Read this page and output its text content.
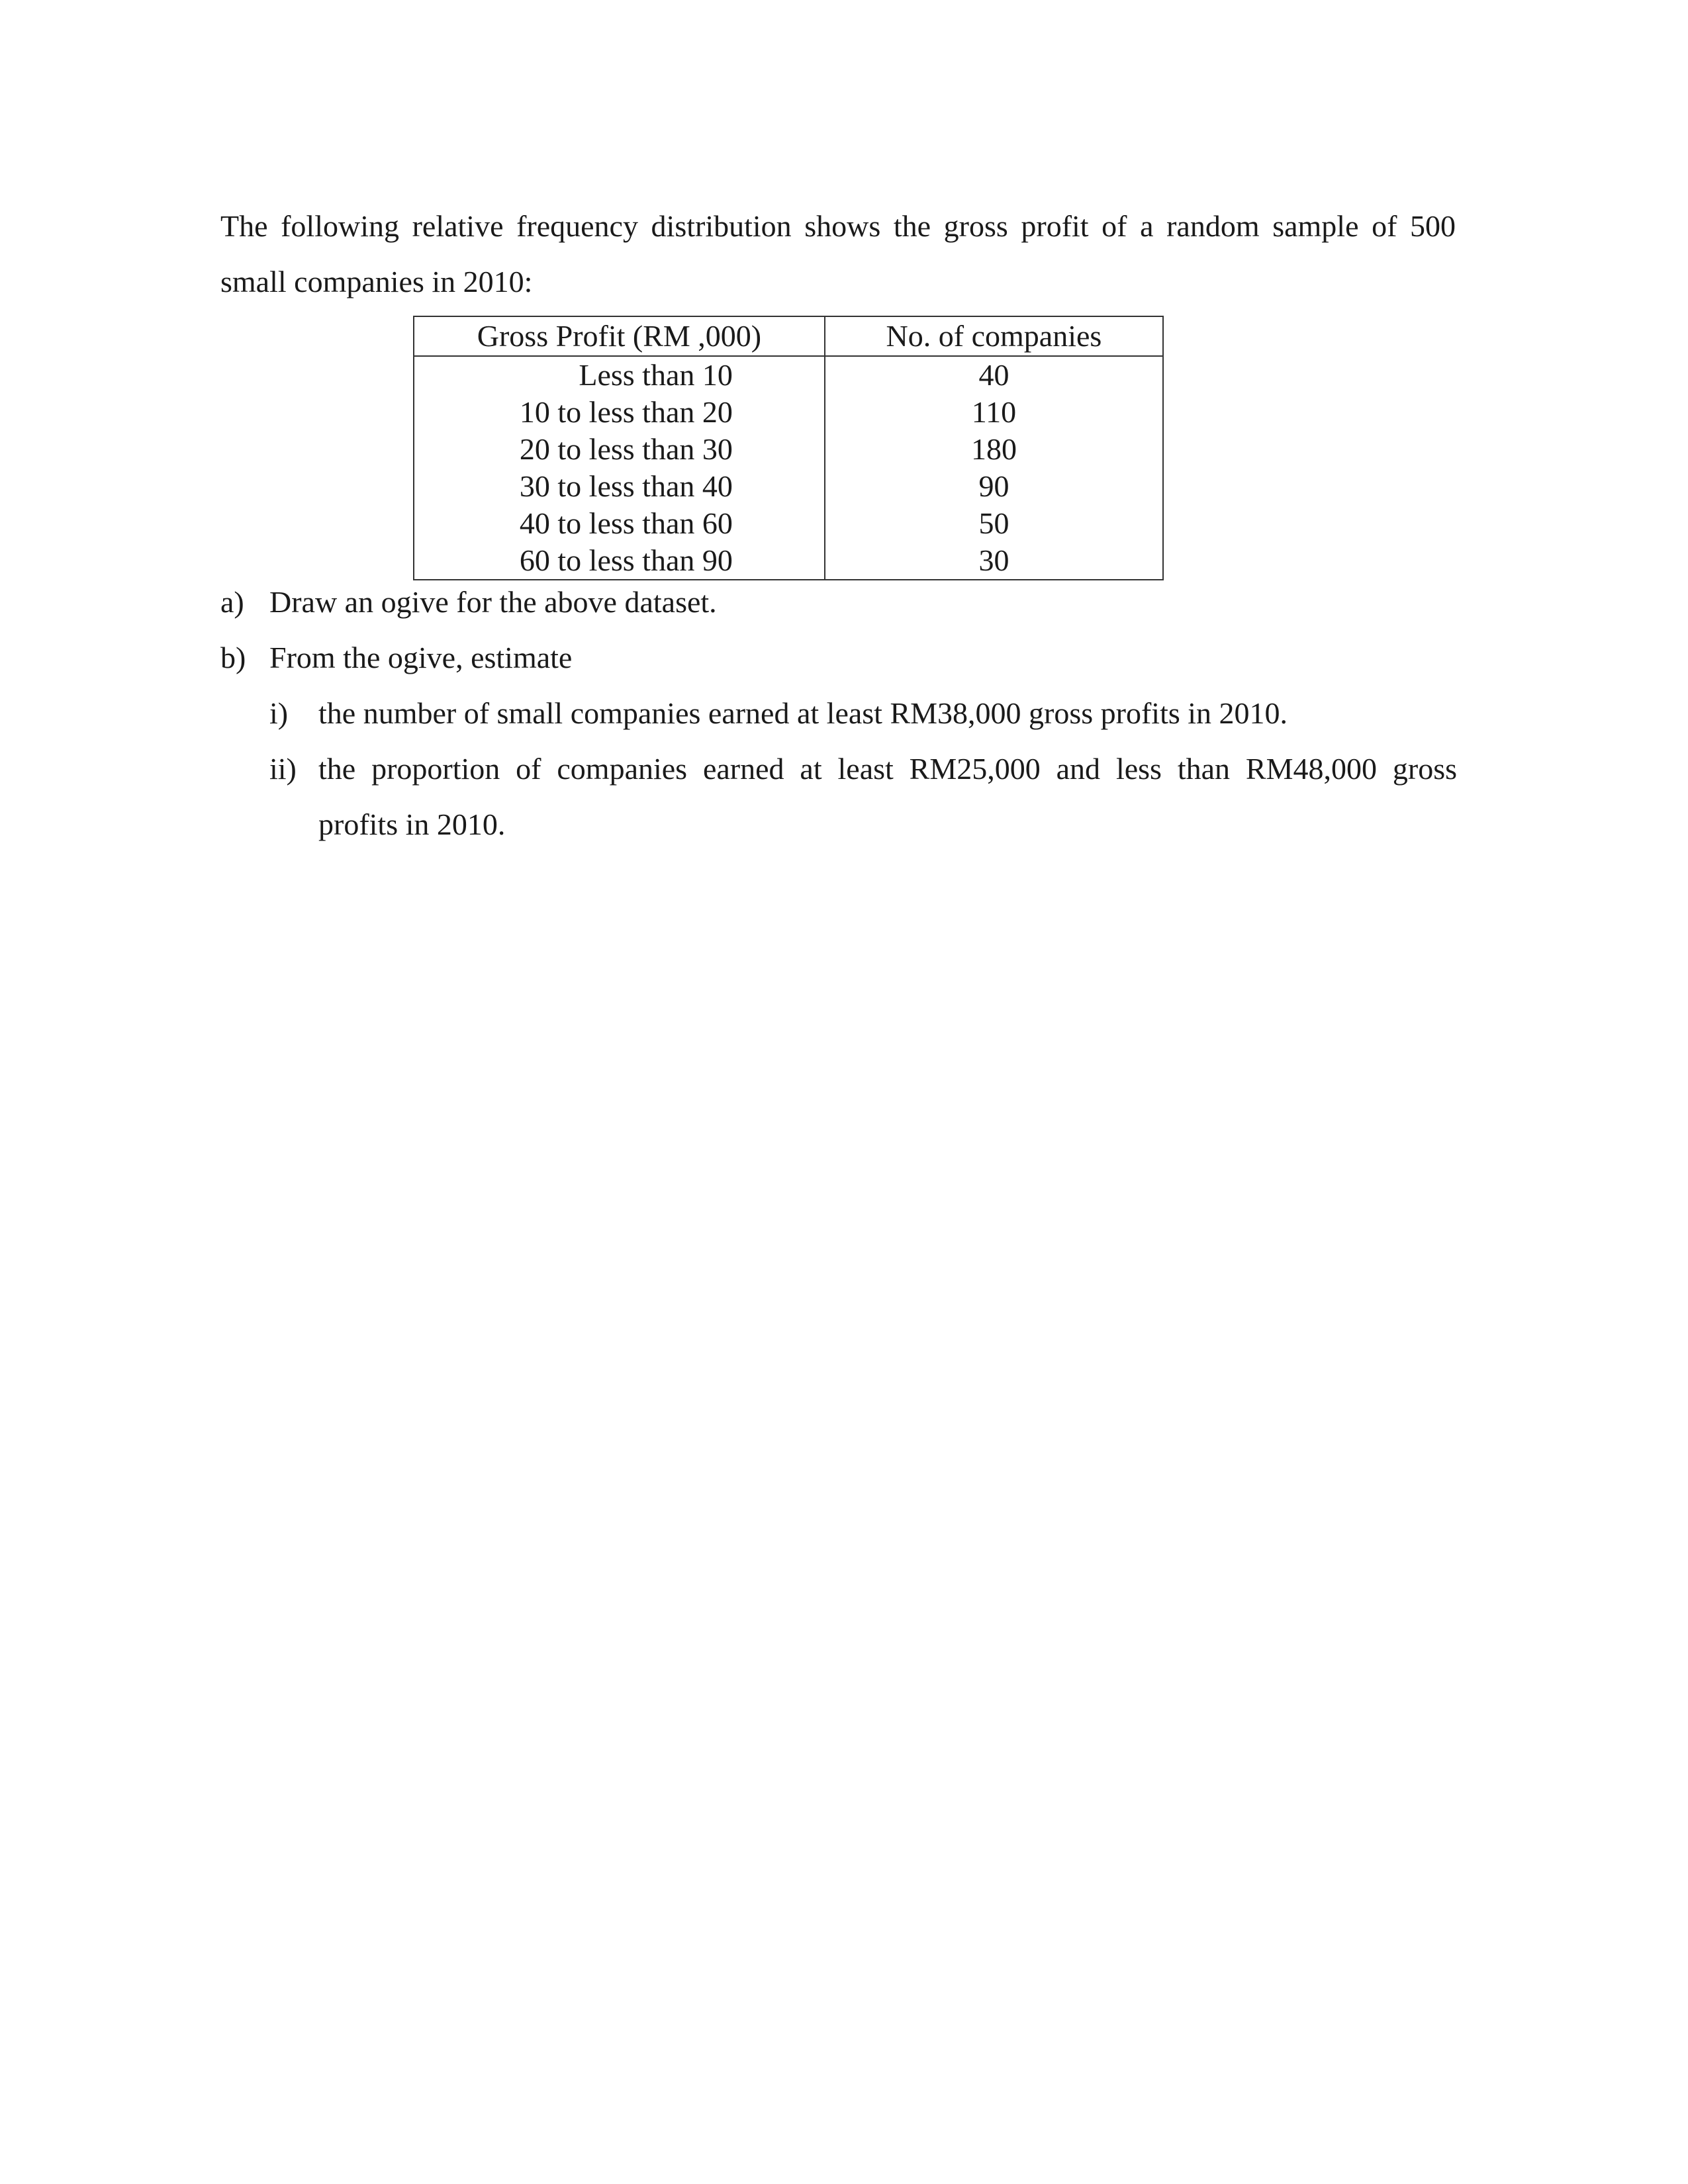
The following relative frequency distribution shows the gross profit of a random sample of 500
small companies in 2010:

Gross Profit (RM ,000)	No. of companies
Less than 10	40
10 to less than 20	110
20 to less than 30	180
30 to less than 40	90
40 to less than 60	50
60 to less than 90	30
a) Draw an ogive for the above dataset.
b) From the ogive, estimate
i) the number of small companies earned at least RM38,000 gross profits in 2010.
ii) the proportion of companies earned at least RM25,000 and less than RM48,000 gross
profits in 2010.
